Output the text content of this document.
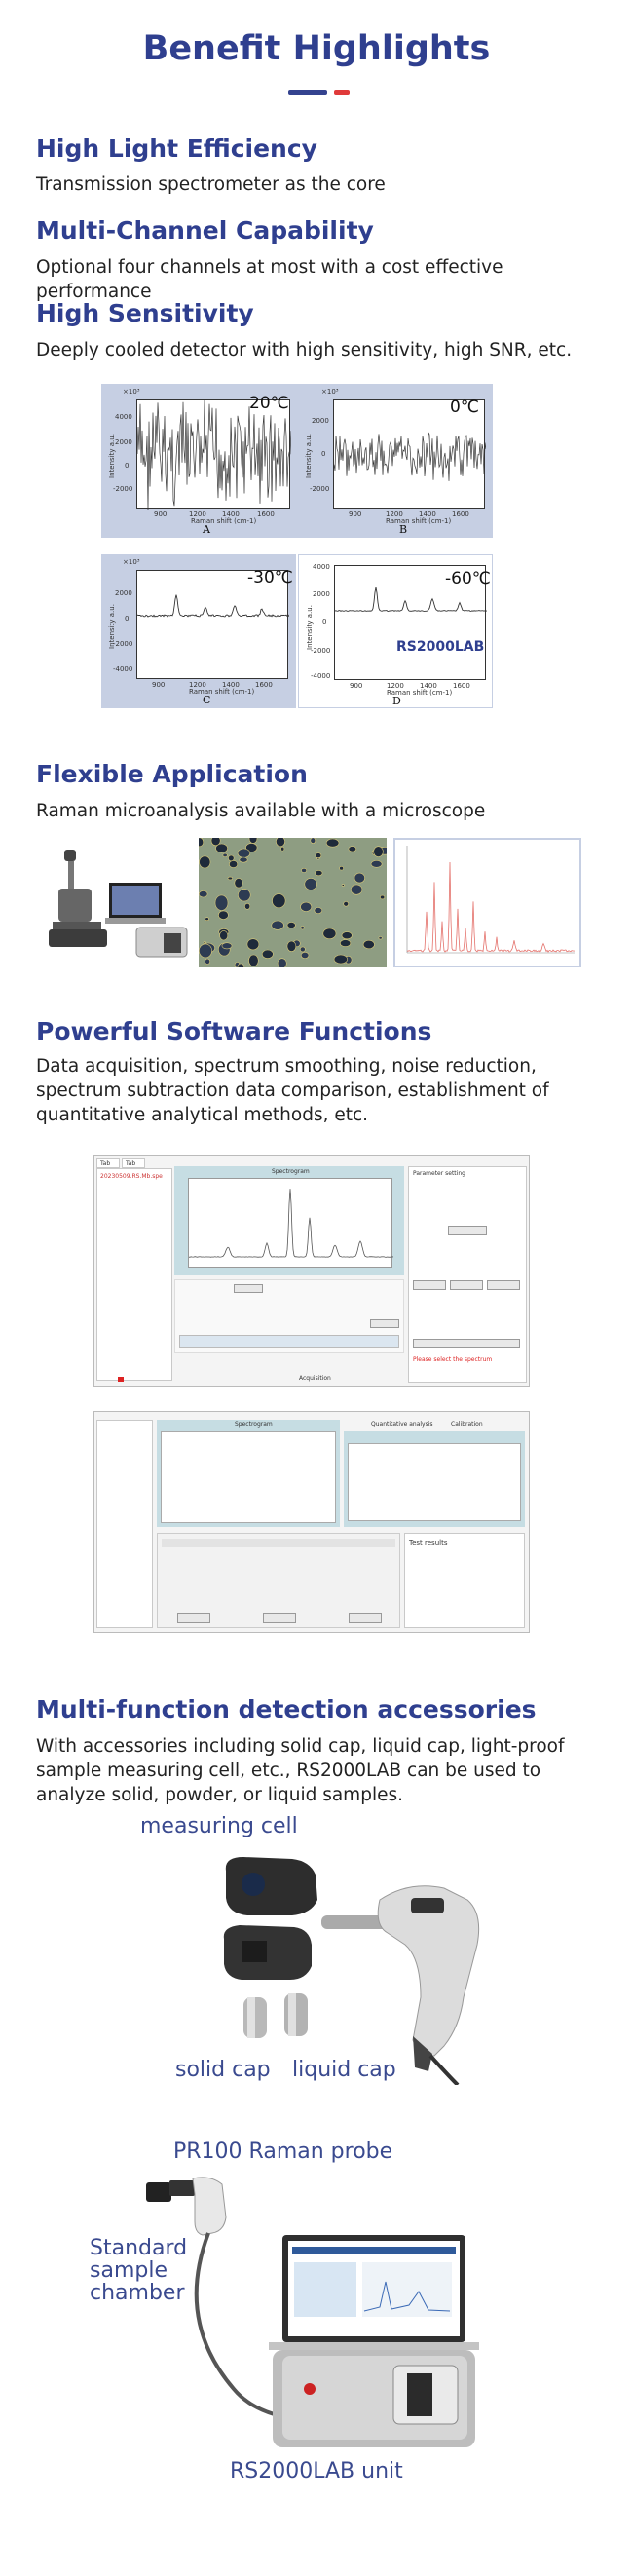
Benefit Highlights
High Light Efficiency
Transmission spectrometer as the core
Multi-Channel Capability
Optional four channels at most with a cost effective performance
High Sensitivity
Deeply cooled detector with high sensitivity, high SNR, etc.
×10³
20℃
4000
2000
0
-2000
900	1200 1400	1600
Raman shift (cm-1)
Intensity a.u.
A
×10³
0℃
2000
0
-2000
900	1200 1400 1600
Raman shift (cm-1)
Intensity a.u.
B
×10³
-30℃
2000
0
-2000
-4000
900	1200 1400 1600
Raman shift (cm-1)
Intensity a.u.
C
-60℃
RS2000LAB
4000
2000
0
-2000
-4000
900	1200 1400 1600
Raman shift (cm-1)
Intensity a.u.
D
Flexible Application
Raman microanalysis available with a microscope
Powerful Software Functions
Data acquisition, spectrum smoothing, noise reduction, spectrum subtraction data comparison, establishment of quantitative analytical methods, etc.
Tab	Tab
20230509.RS.Mb.spe
Spectrogram	Parameter setting
Please select the spectrum
Acquisition
Spectrogram	Quantitative analysis	Calibration
Test results
Multi-function detection accessories
With accessories including solid cap, liquid cap, light-proof sample measuring cell, etc., RS2000LAB can be used to analyze solid, powder, or liquid samples.
measuring cell
solid cap liquid cap
PR100 Raman probe
Standard
sample
chamber
RS2000LAB unit
